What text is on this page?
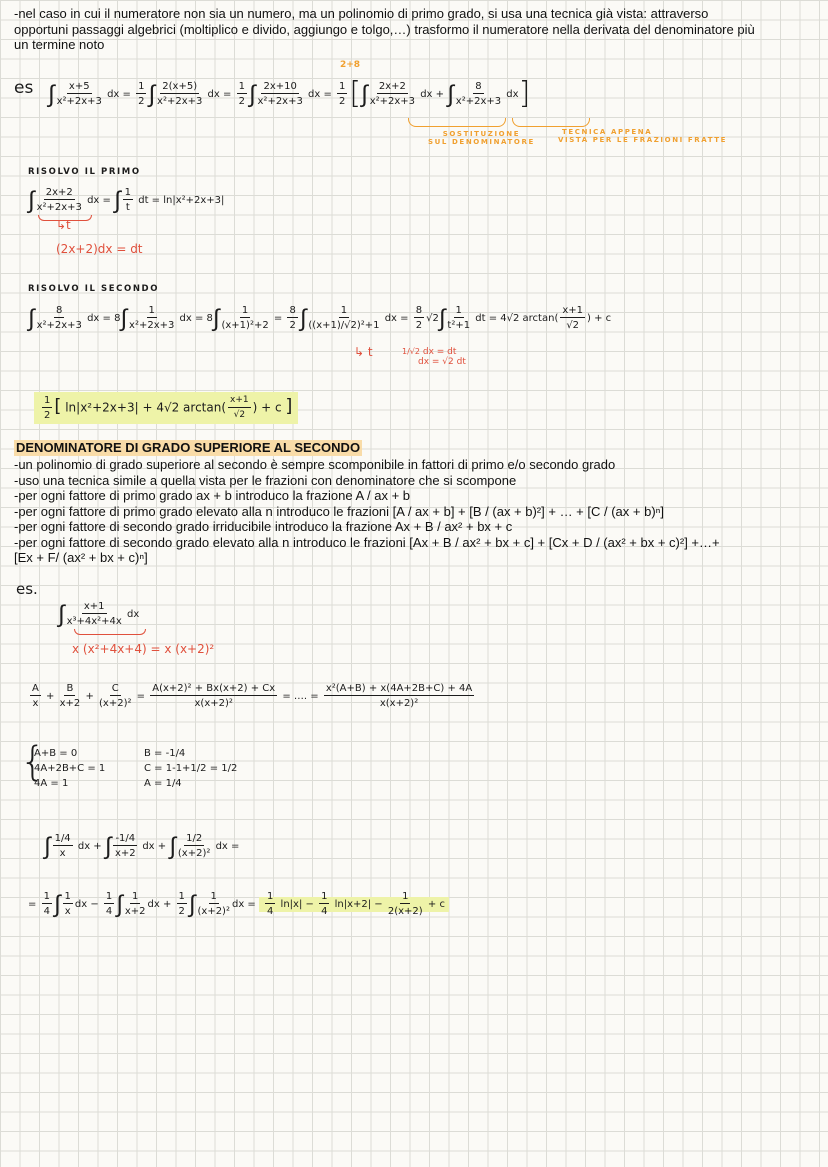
-nel caso in cui il numeratore non sia un numero, ma un polinomio di primo grado, si usa una tecnica già vista: attraverso
opportuni passaggi algebrici (moltiplico e divido, aggiungo e tolgo,…) trasformo il numeratore nella derivata del denominatore più
un termine noto
es
2+8
∫ $\frac{x+5}{\text{x²+2x+3}}$ dx = $\frac{1}{2}$ ∫ $\frac{2(x+5)}{\text{x²+2x+3}}$ dx = $\frac{1}{2}$ ∫ $\frac{2x+10}{\text{x²+2x+3}}$ dx = $\frac{1}{2}$ [∫ $\frac{2x+2}{\text{x²+2x+3}}$ dx + ∫ $\frac{8}{\text{x²+2x+3}} dx$]
SOSTITUZIONE
SUL DENOMINATORE
TECNICA APPENA
VISTA PER LE FRAZIONI FRATTE
RISOLVO IL PRIMO
∫ $\frac{2x+2}{\text{x²+2x+3}}$ dx = ∫ $\frac{1}{t}$ dt = ln|x²+2x+3|
↳t
(2x+2)dx = dt
RISOLVO IL SECONDO
∫ $\frac{8}{\text{x²+2x+3}}$ dx = $8\int \frac{1}{\text{x²+2x+3}}$ dx = $8\int \frac{1}{\text{(x+1)²+2}} = \frac{8}{2}$ ∫ $\frac{1}{\text{((x+1)/√2)²+1}}$ dx = $\frac{8}{2} √2\int \frac{1}{\text{t²+1}}$ dt = 4√2 $\arctan( \frac{x+1}{√2}$ ) + c
↳ t	1/√2 dx = dt
dx = √2 dt
$\frac{1}{2}$ [ ln|x²+2x+3| + 4√2 $\arctan( \frac{x+1}{√2}$ ) + c ]
DENOMINATORE DI GRADO SUPERIORE AL SECONDO
-un polinomio di grado superiore al secondo è sempre scomponibile in fattori di primo e/o secondo grado
-uso una tecnica simile a quella vista per le frazioni con denominatore che si scompone
-per ogni fattore di primo grado ax + b introduco la frazione A / ax + b
-per ogni fattore di primo grado elevato alla n introduco le frazioni [A / ax + b] + [B / (ax + b)²] + … + [C / (ax + b)ⁿ]
-per ogni fattore di secondo grado irriducibile introduco la frazione Ax + B / ax² + bx + c
-per ogni fattore di secondo grado elevato alla n introduco le frazioni [Ax + B / ax² + bx + c] + [Cx + D / (ax² + bx + c)²] +…+
[Ex + F/ (ax² + bx + c)ⁿ]
es.
∫ $\frac{x+1}{\text{x³+4x²+4x}}$ dx
x (x²+4x+4) = x (x+2)²
$\frac{A}{x} + \frac{B}{x+2} + \frac{C}{\text{(x+2)²}} = \frac{\text{A(x+2)² + Bx(x+2) + Cx}}{\text{x(x+2)²}}$ = …. = $\frac{\text{x²(A+B) + x(4A+2B+C) + 4A}}{\text{x(x+2)²}}$
{
A+B = 0
4A+2B+C = 1
4A = 1
B = -1/4
C = 1-1+1/2 = 1/2
A = 1/4
∫ $\frac{1/4}{x}$ dx + ∫ $\frac{-1/4}{x+2}$ dx + ∫ $\frac{1/2}{\text{(x+2)²}}$ dx =
= $\frac{1}{4}$ ∫ $\frac{1}{x}$ dx − $\frac{1}{4}$ ∫ $\frac{1}{x+2}$ dx + $\frac{1}{2}$ ∫ $\frac{1}{\text{(x+2)²}}$ dx = $\frac{1}{4} \ln|x| - \frac{1}{4} \ln|x+2| - \frac{1}{2(x+2)} + c$
